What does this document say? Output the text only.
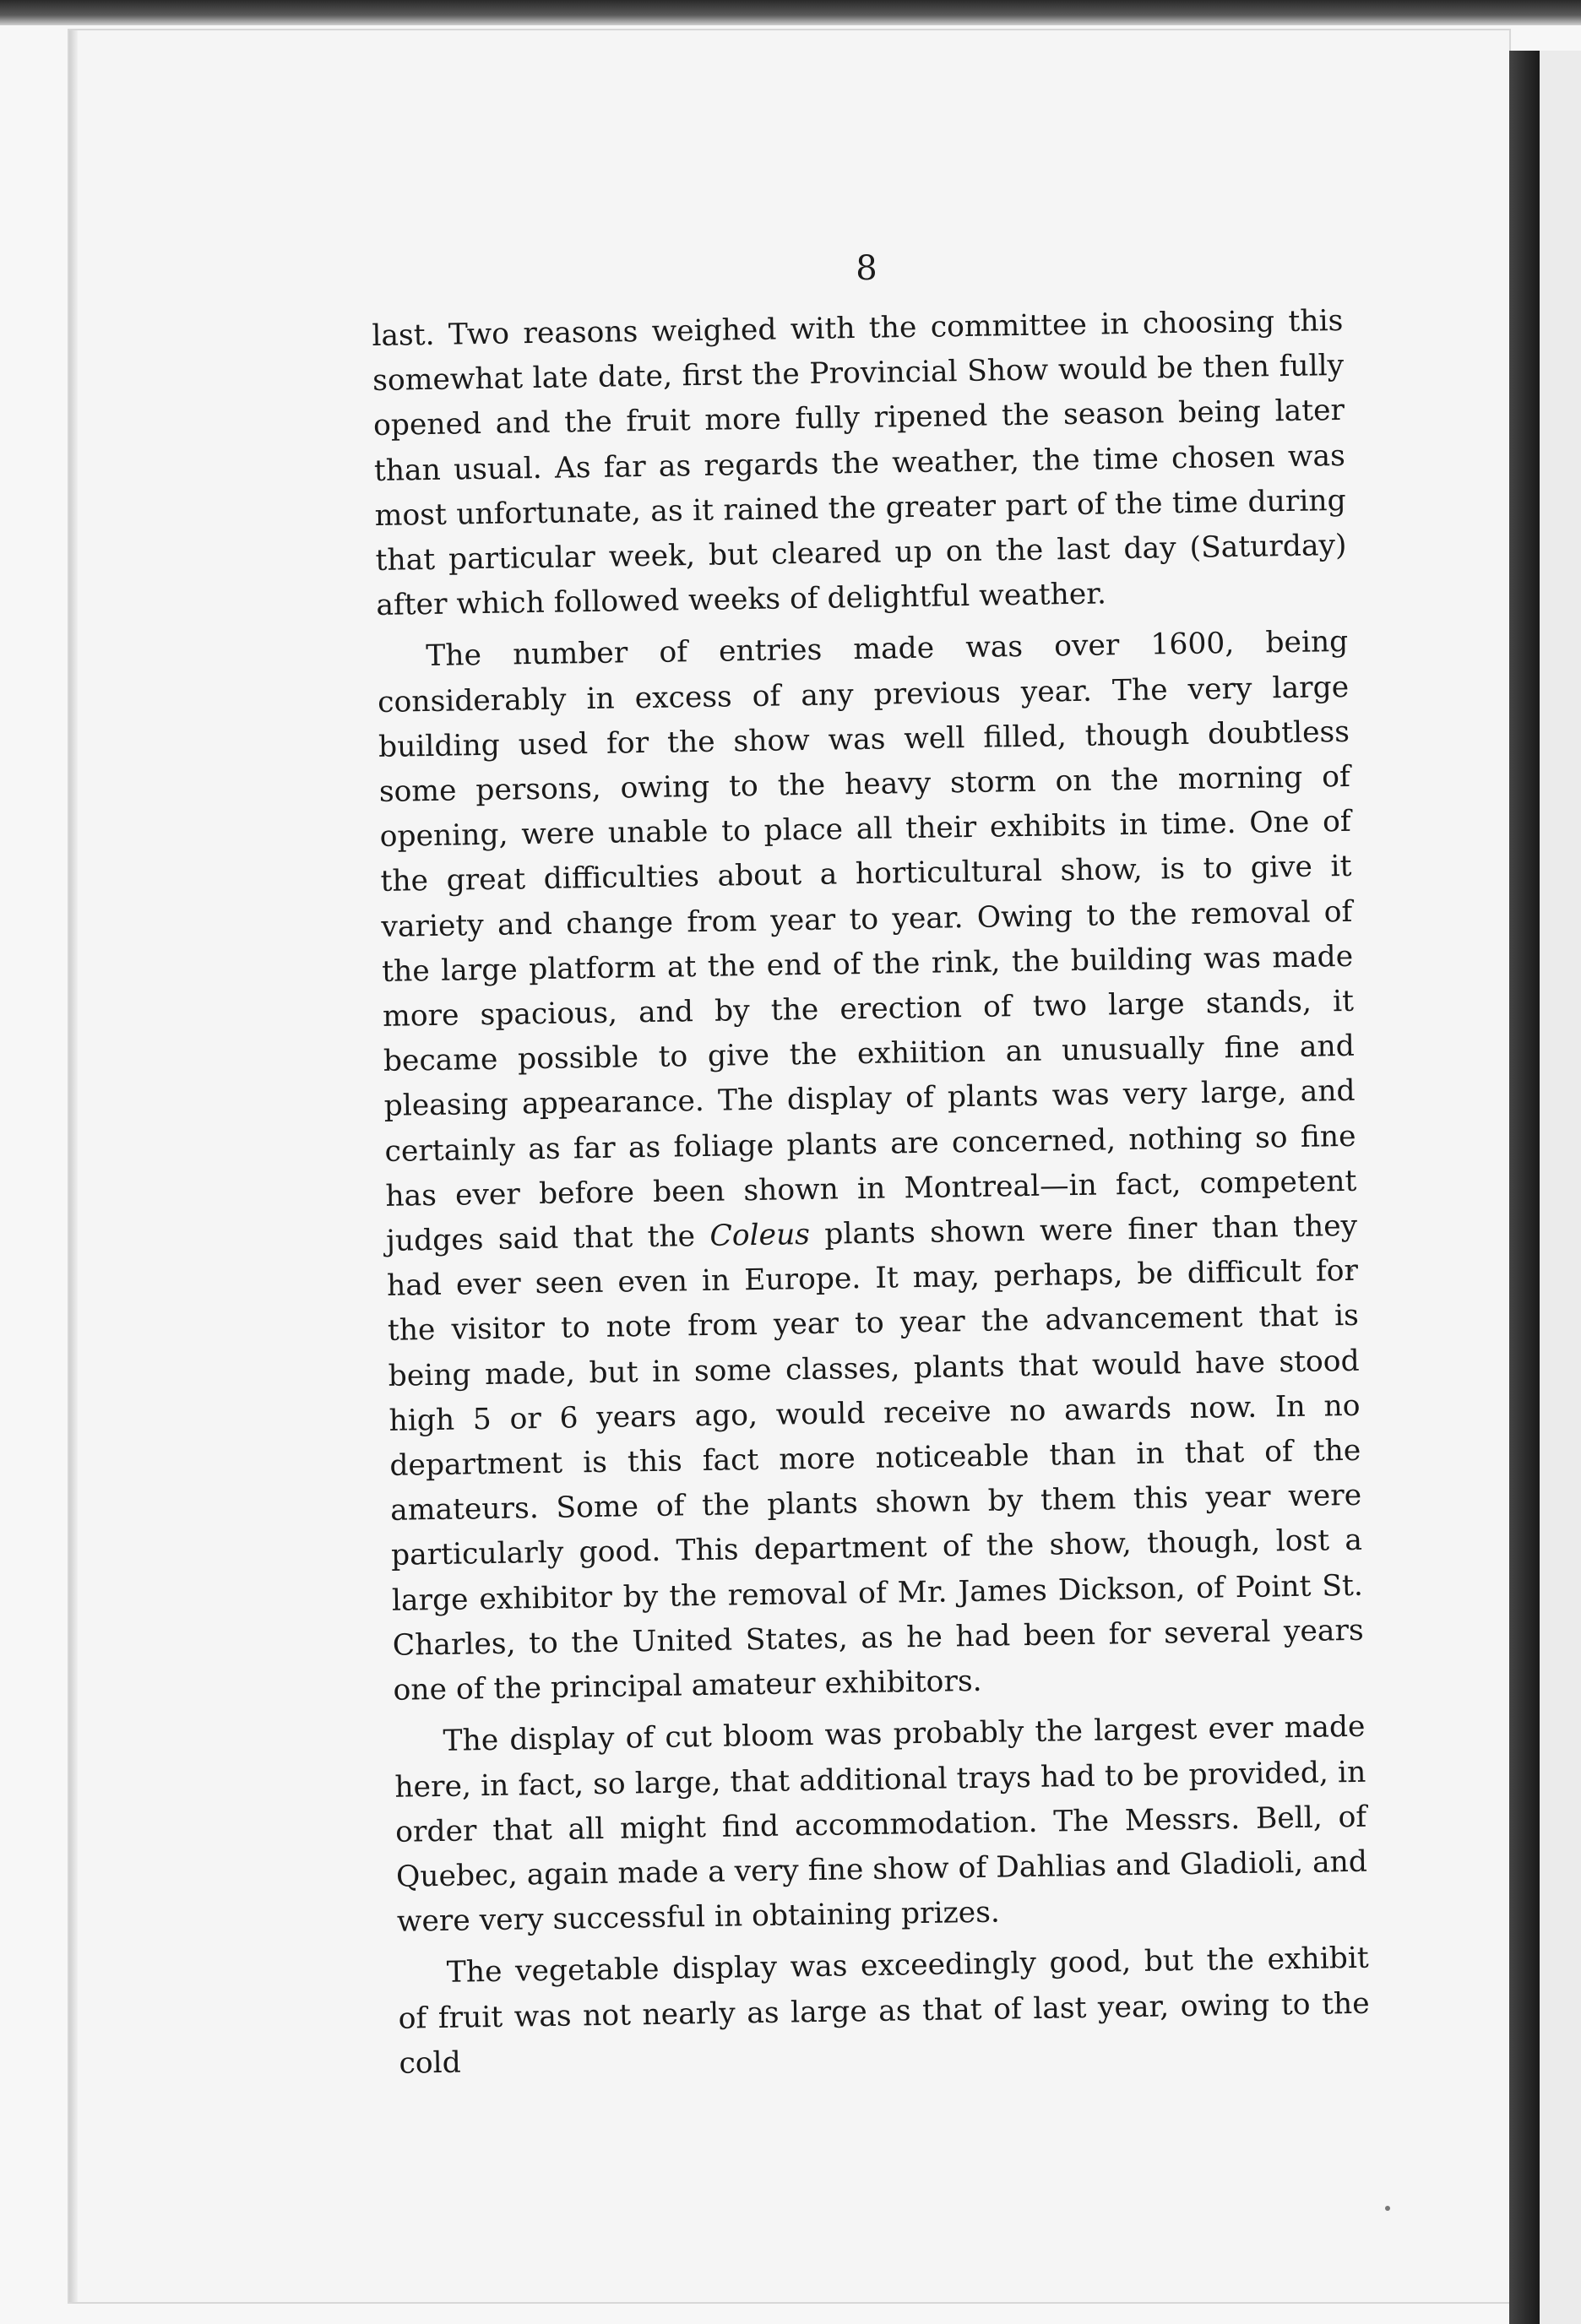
8

last. Two reasons weighed with the committee in choosing this somewhat late date, first the Provincial Show would be then fully opened and the fruit more fully ripened the season being later than usual. As far as regards the weather, the time chosen was most unfortunate, as it rained the greater part of the time during that particular week, but cleared up on the last day (Saturday) after which followed weeks of delightful weather.

The number of entries made was over 1600, being considerably in excess of any previous year. The very large building used for the show was well filled, though doubtless some persons, owing to the heavy storm on the morning of opening, were unable to place all their exhibits in time. One of the great difficulties about a horticultural show, is to give it variety and change from year to year. Owing to the removal of the large platform at the end of the rink, the building was made more spacious, and by the erection of two large stands, it became possible to give the exhiition an unusually fine and pleasing appearance. The display of plants was very large, and certainly as far as foliage plants are concerned, nothing so fine has ever before been shown in Montreal—in fact, competent judges said that the Coleus plants shown were finer than they had ever seen even in Europe. It may, perhaps, be difficult for the visitor to note from year to year the advancement that is being made, but in some classes, plants that would have stood high 5 or 6 years ago, would receive no awards now. In no department is this fact more noticeable than in that of the amateurs. Some of the plants shown by them this year were particularly good. This department of the show, though, lost a large exhibitor by the removal of Mr. James Dickson, of Point St. Charles, to the United States, as he had been for several years one of the principal amateur exhibitors.

The display of cut bloom was probably the largest ever made here, in fact, so large, that additional trays had to be provided, in order that all might find accommodation. The Messrs. Bell, of Quebec, again made a very fine show of Dahlias and Gladioli, and were very successful in obtaining prizes.

The vegetable display was exceedingly good, but the exhibit of fruit was not nearly as large as that of last year, owing to the cold
